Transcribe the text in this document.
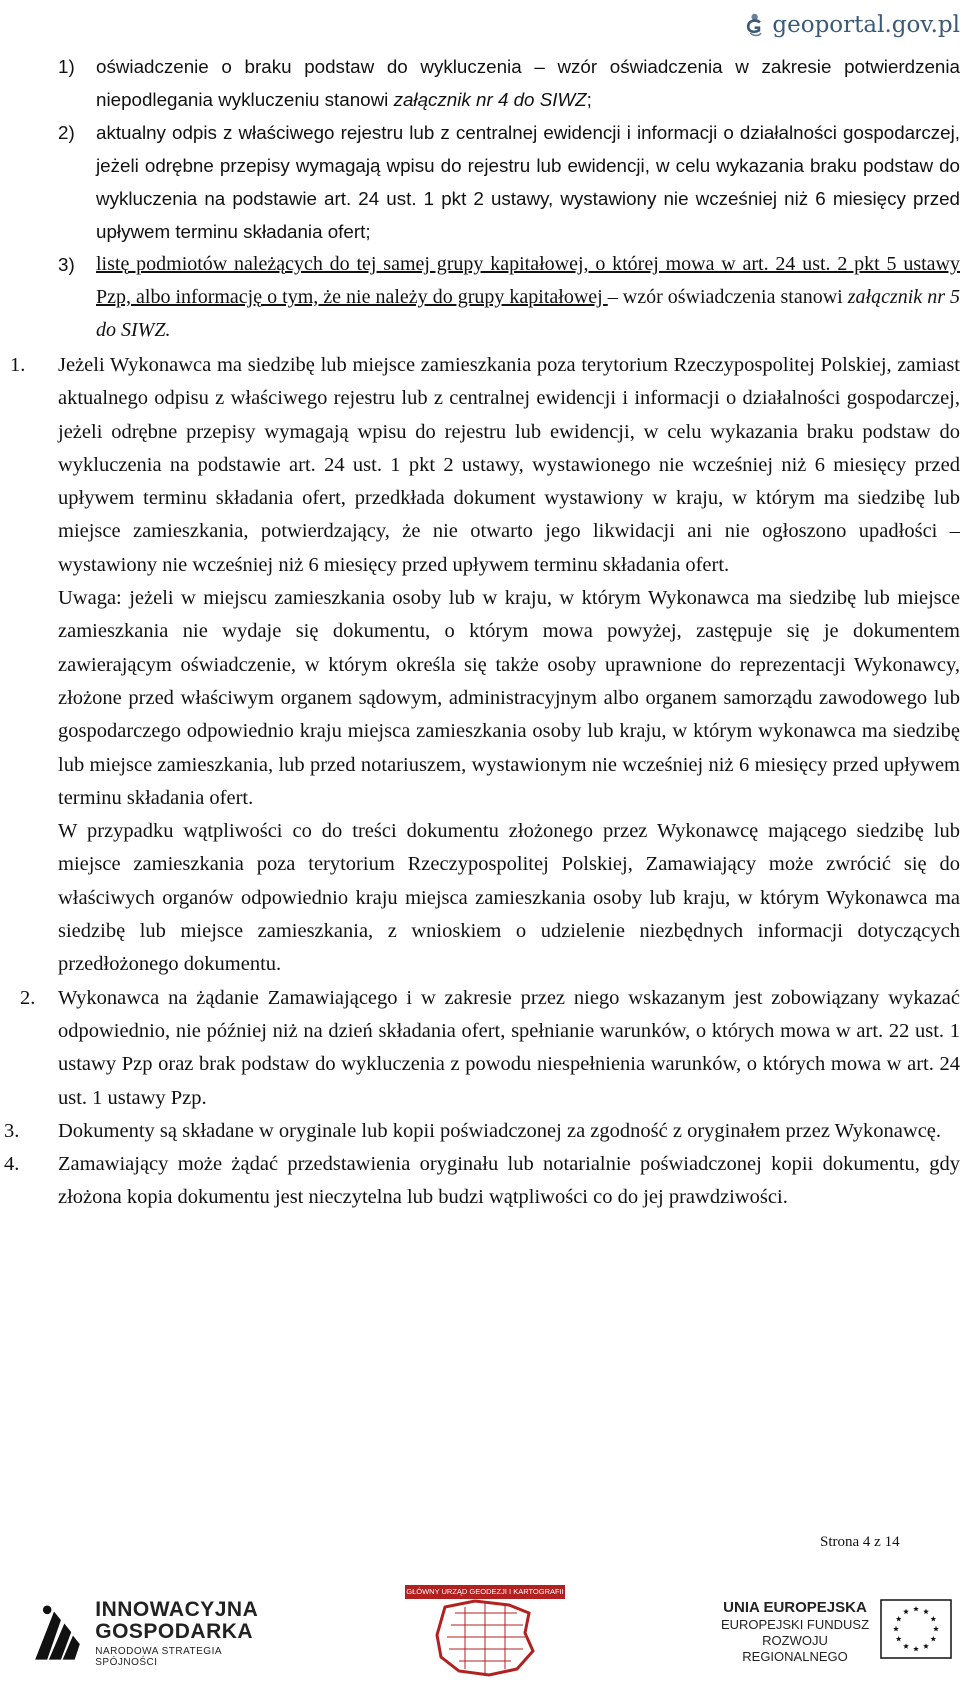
geoportal.gov.pl
1) oświadczenie o braku podstaw do wykluczenia – wzór oświadczenia w zakresie potwierdzenia niepodlegania wykluczeniu stanowi załącznik nr 4 do SIWZ;

2) aktualny odpis z właściwego rejestru lub z centralnej ewidencji i informacji o działalności gospodarczej, jeżeli odrębne przepisy wymagają wpisu do rejestru lub ewidencji, w celu wykazania braku podstaw do wykluczenia na podstawie art. 24 ust. 1 pkt 2 ustawy, wystawiony nie wcześniej niż 6 miesięcy przed upływem terminu składania ofert;

3) listę podmiotów należących do tej samej grupy kapitałowej, o której mowa w art. 24 ust. 2 pkt 5 ustawy Pzp, albo informację o tym, że nie należy do grupy kapitałowej – wzór oświadczenia stanowi załącznik nr 5 do SIWZ.

1. Jeżeli Wykonawca ma siedzibę lub miejsce zamieszkania poza terytorium Rzeczypospolitej Polskiej, zamiast aktualnego odpisu z właściwego rejestru lub z centralnej ewidencji i informacji o działalności gospodarczej, jeżeli odrębne przepisy wymagają wpisu do rejestru lub ewidencji, w celu wykazania braku podstaw do wykluczenia na podstawie art. 24 ust. 1 pkt 2 ustawy, wystawionego nie wcześniej niż 6 miesięcy przed upływem terminu składania ofert, przedkłada dokument wystawiony w kraju, w którym ma siedzibę lub miejsce zamieszkania, potwierdzający, że nie otwarto jego likwidacji ani nie ogłoszono upadłości – wystawiony nie wcześniej niż 6 miesięcy przed upływem terminu składania ofert.

Uwaga: jeżeli w miejscu zamieszkania osoby lub w kraju, w którym Wykonawca ma siedzibę lub miejsce zamieszkania nie wydaje się dokumentu, o którym mowa powyżej, zastępuje się je dokumentem zawierającym oświadczenie, w którym określa się także osoby uprawnione do reprezentacji Wykonawcy, złożone przed właściwym organem sądowym, administracyjnym albo organem samorządu zawodowego lub gospodarczego odpowiednio kraju miejsca zamieszkania osoby lub kraju, w którym wykonawca ma siedzibę lub miejsce zamieszkania, lub przed notariuszem, wystawionym nie wcześniej niż 6 miesięcy przed upływem terminu składania ofert.

W przypadku wątpliwości co do treści dokumentu złożonego przez Wykonawcę mającego siedzibę lub miejsce zamieszkania poza terytorium Rzeczypospolitej Polskiej, Zamawiający może zwrócić się do właściwych organów odpowiednio kraju miejsca zamieszkania osoby lub kraju, w którym Wykonawca ma siedzibę lub miejsce zamieszkania, z wnioskiem o udzielenie niezbędnych informacji dotyczących przedłożonego dokumentu.

2. Wykonawca na żądanie Zamawiającego i w zakresie przez niego wskazanym jest zobowiązany wykazać odpowiednio, nie później niż na dzień składania ofert, spełnianie warunków, o których mowa w art. 22 ust. 1 ustawy Pzp oraz brak podstaw do wykluczenia z powodu niespełnienia warunków, o których mowa w art. 24 ust. 1 ustawy Pzp.

3. Dokumenty są składane w oryginale lub kopii poświadczonej za zgodność z oryginałem przez Wykonawcę.

4. Zamawiający może żądać przedstawienia oryginału lub notarialnie poświadczonej kopii dokumentu, gdy złożona kopia dokumentu jest nieczytelna lub budzi wątpliwości co do jej prawdziwości.

Strona 4 z 14
INNOWACYJNA
GOSPODARKA
NARODOWA STRATEGIA SPÓJNOŚCI
GŁÓWNY URZĄD GEODEZJI I KARTOGRAFII
UNIA EUROPEJSKA
EUROPEJSKI FUNDUSZ
ROZWOJU REGIONALNEGO
